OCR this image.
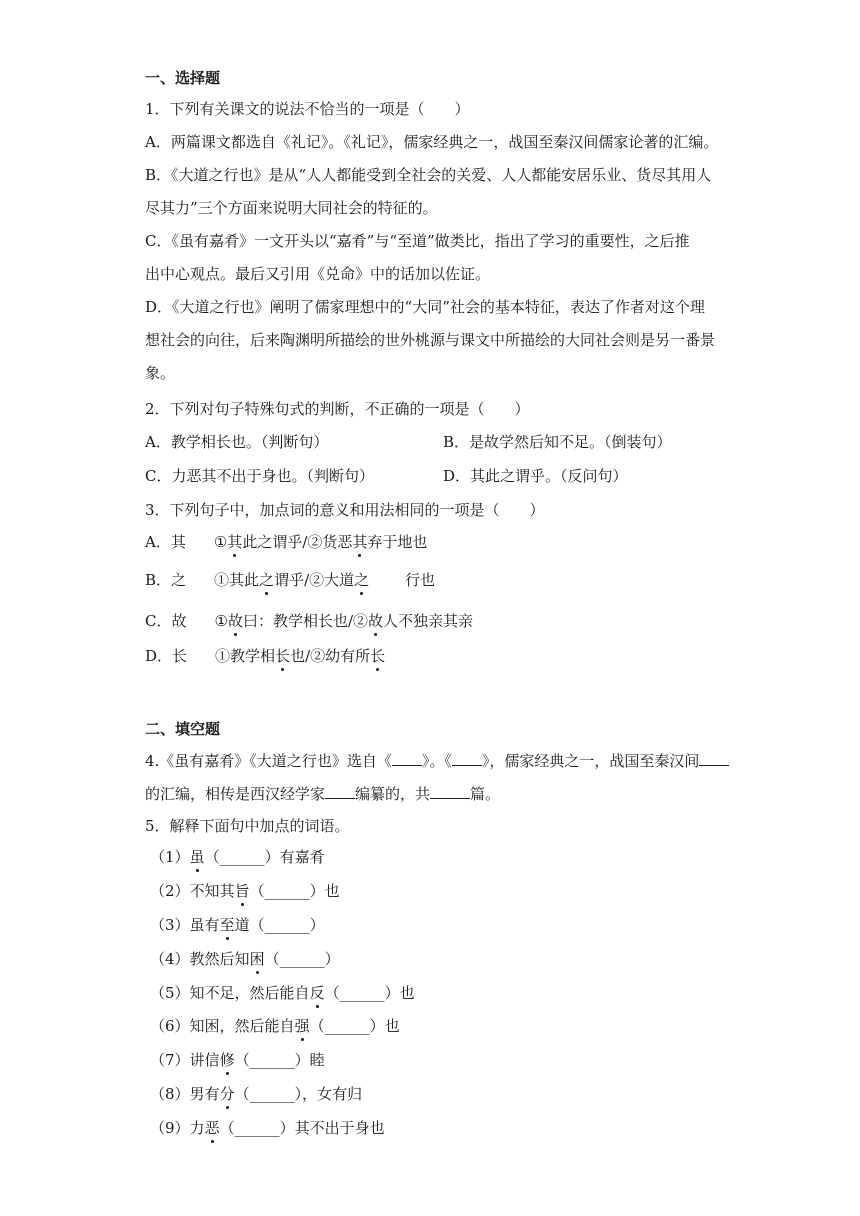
一、选择题
1．下列有关课文的说法不恰当的一项是（　　）
A．两篇课文都选自《礼记》。《礼记》，儒家经典之一，战国至秦汉间儒家论著的汇编。
B．《大道之行也》是从“人人都能受到全社会的关爱、人人都能安居乐业、货尽其用人
尽其力”三个方面来说明大同社会的特征的。
C．《虽有嘉肴》一文开头以“嘉肴”与“至道”做类比，指出了学习的重要性，之后推
出中心观点。最后又引用《兑命》中的话加以佐证。
D．《大道之行也》阐明了儒家理想中的“大同”社会的基本特征，表达了作者对这个理
想社会的向往，后来陶渊明所描绘的世外桃源与课文中所描绘的大同社会则是另一番景
象。
2．下列对句子特殊句式的判断，不正确的一项是（　　）
A．教学相长也。（判断句）	B．是故学然后知不足。（倒装句）
C．力恶其不出于身也。（判断句）	D．其此之谓乎。（反问句）
3．下列句子中，加点词的意义和用法相同的一项是（　　）
A．其 ①其此之谓乎/②货恶其弃于地也
B．之 ①其此之谓乎/②大道之 行也
C．故 ①故曰：教学相长也/②故人不独亲其亲
D．长 ①教学相长也/②幼有所长
二、填空题
4.《虽有嘉肴》《大道之行也》选自《 》。《 》，儒家经典之一，战国至秦汉间
的汇编，相传是西汉经学家 编纂的，共	篇。
5．解释下面句中加点的词语。
（1）虽（______）有嘉肴
（2）不知其旨（______）也
（3）虽有至道（______）
（4）教然后知困（______）
（5）知不足，然后能自反（______）也
（6）知困，然后能自强（______）也
（7）讲信修（______）睦
（8）男有分（______），女有归
（9）力恶（______）其不出于身也
